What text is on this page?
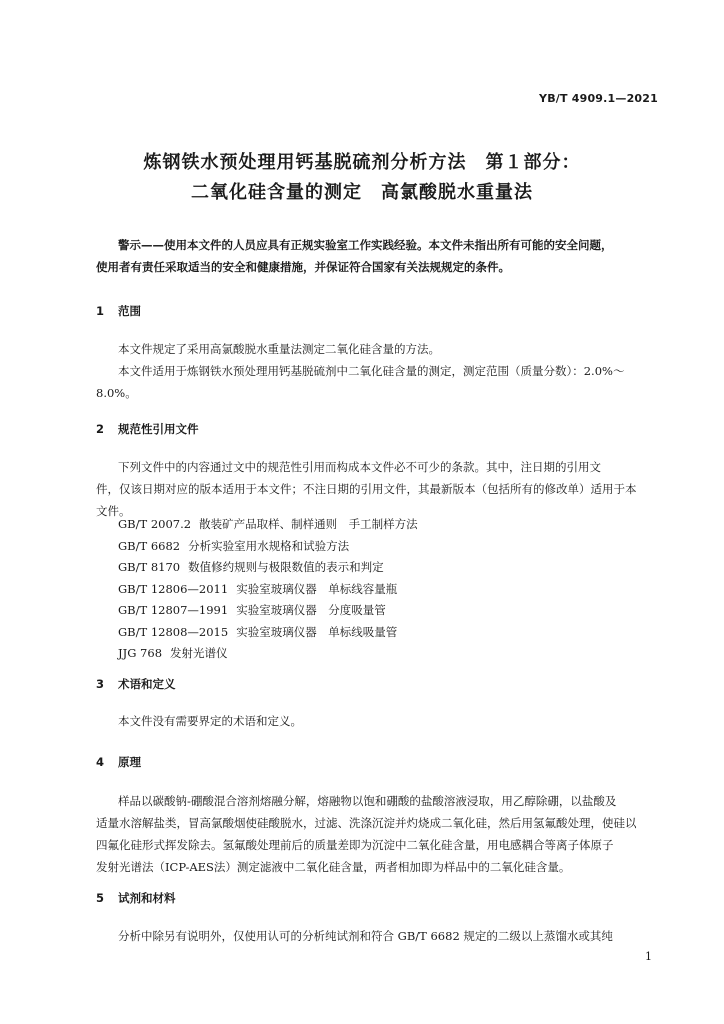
YB/T 4909.1—2021
炼钢铁水预处理用钙基脱硫剂分析方法　第１部分：
二氧化硅含量的测定　高氯酸脱水重量法
警示——使用本文件的人员应具有正规实验室工作实践经验。本文件未指出所有可能的安全问题，
使用者有责任采取适当的安全和健康措施，并保证符合国家有关法规规定的条件。
1 范围
本文件规定了采用高氯酸脱水重量法测定二氧化硅含量的方法。
本文件适用于炼钢铁水预处理用钙基脱硫剂中二氧化硅含量的测定，测定范围（质量分数）：2.0%～
8.0%。
2 规范性引用文件
下列文件中的内容通过文中的规范性引用而构成本文件必不可少的条款。其中，注日期的引用文
件，仅该日期对应的版本适用于本文件；不注日期的引用文件，其最新版本（包括所有的修改单）适用于本
文件。
GB/T 2007.2 散装矿产品取样、制样通则　手工制样方法
GB/T 6682 分析实验室用水规格和试验方法
GB/T 8170 数值修约规则与极限数值的表示和判定
GB/T 12806—2011 实验室玻璃仪器　单标线容量瓶
GB/T 12807—1991 实验室玻璃仪器　分度吸量管
GB/T 12808—2015 实验室玻璃仪器　单标线吸量管
JJG 768 发射光谱仪
3 术语和定义
本文件没有需要界定的术语和定义。
4 原理
样品以碳酸钠-硼酸混合溶剂熔融分解，熔融物以饱和硼酸的盐酸溶液浸取，用乙醇除硼，以盐酸及
适量水溶解盐类，冒高氯酸烟使硅酸脱水，过滤、洗涤沉淀并灼烧成二氧化硅，然后用氢氟酸处理，使硅以
四氟化硅形式挥发除去。氢氟酸处理前后的质量差即为沉淀中二氧化硅含量，用电感耦合等离子体原子
发射光谱法（ICP-AES法）测定滤液中二氧化硅含量，两者相加即为样品中的二氧化硅含量。
5 试剂和材料
分析中除另有说明外，仅使用认可的分析纯试剂和符合 GB/T 6682 规定的二级以上蒸馏水或其纯
1
